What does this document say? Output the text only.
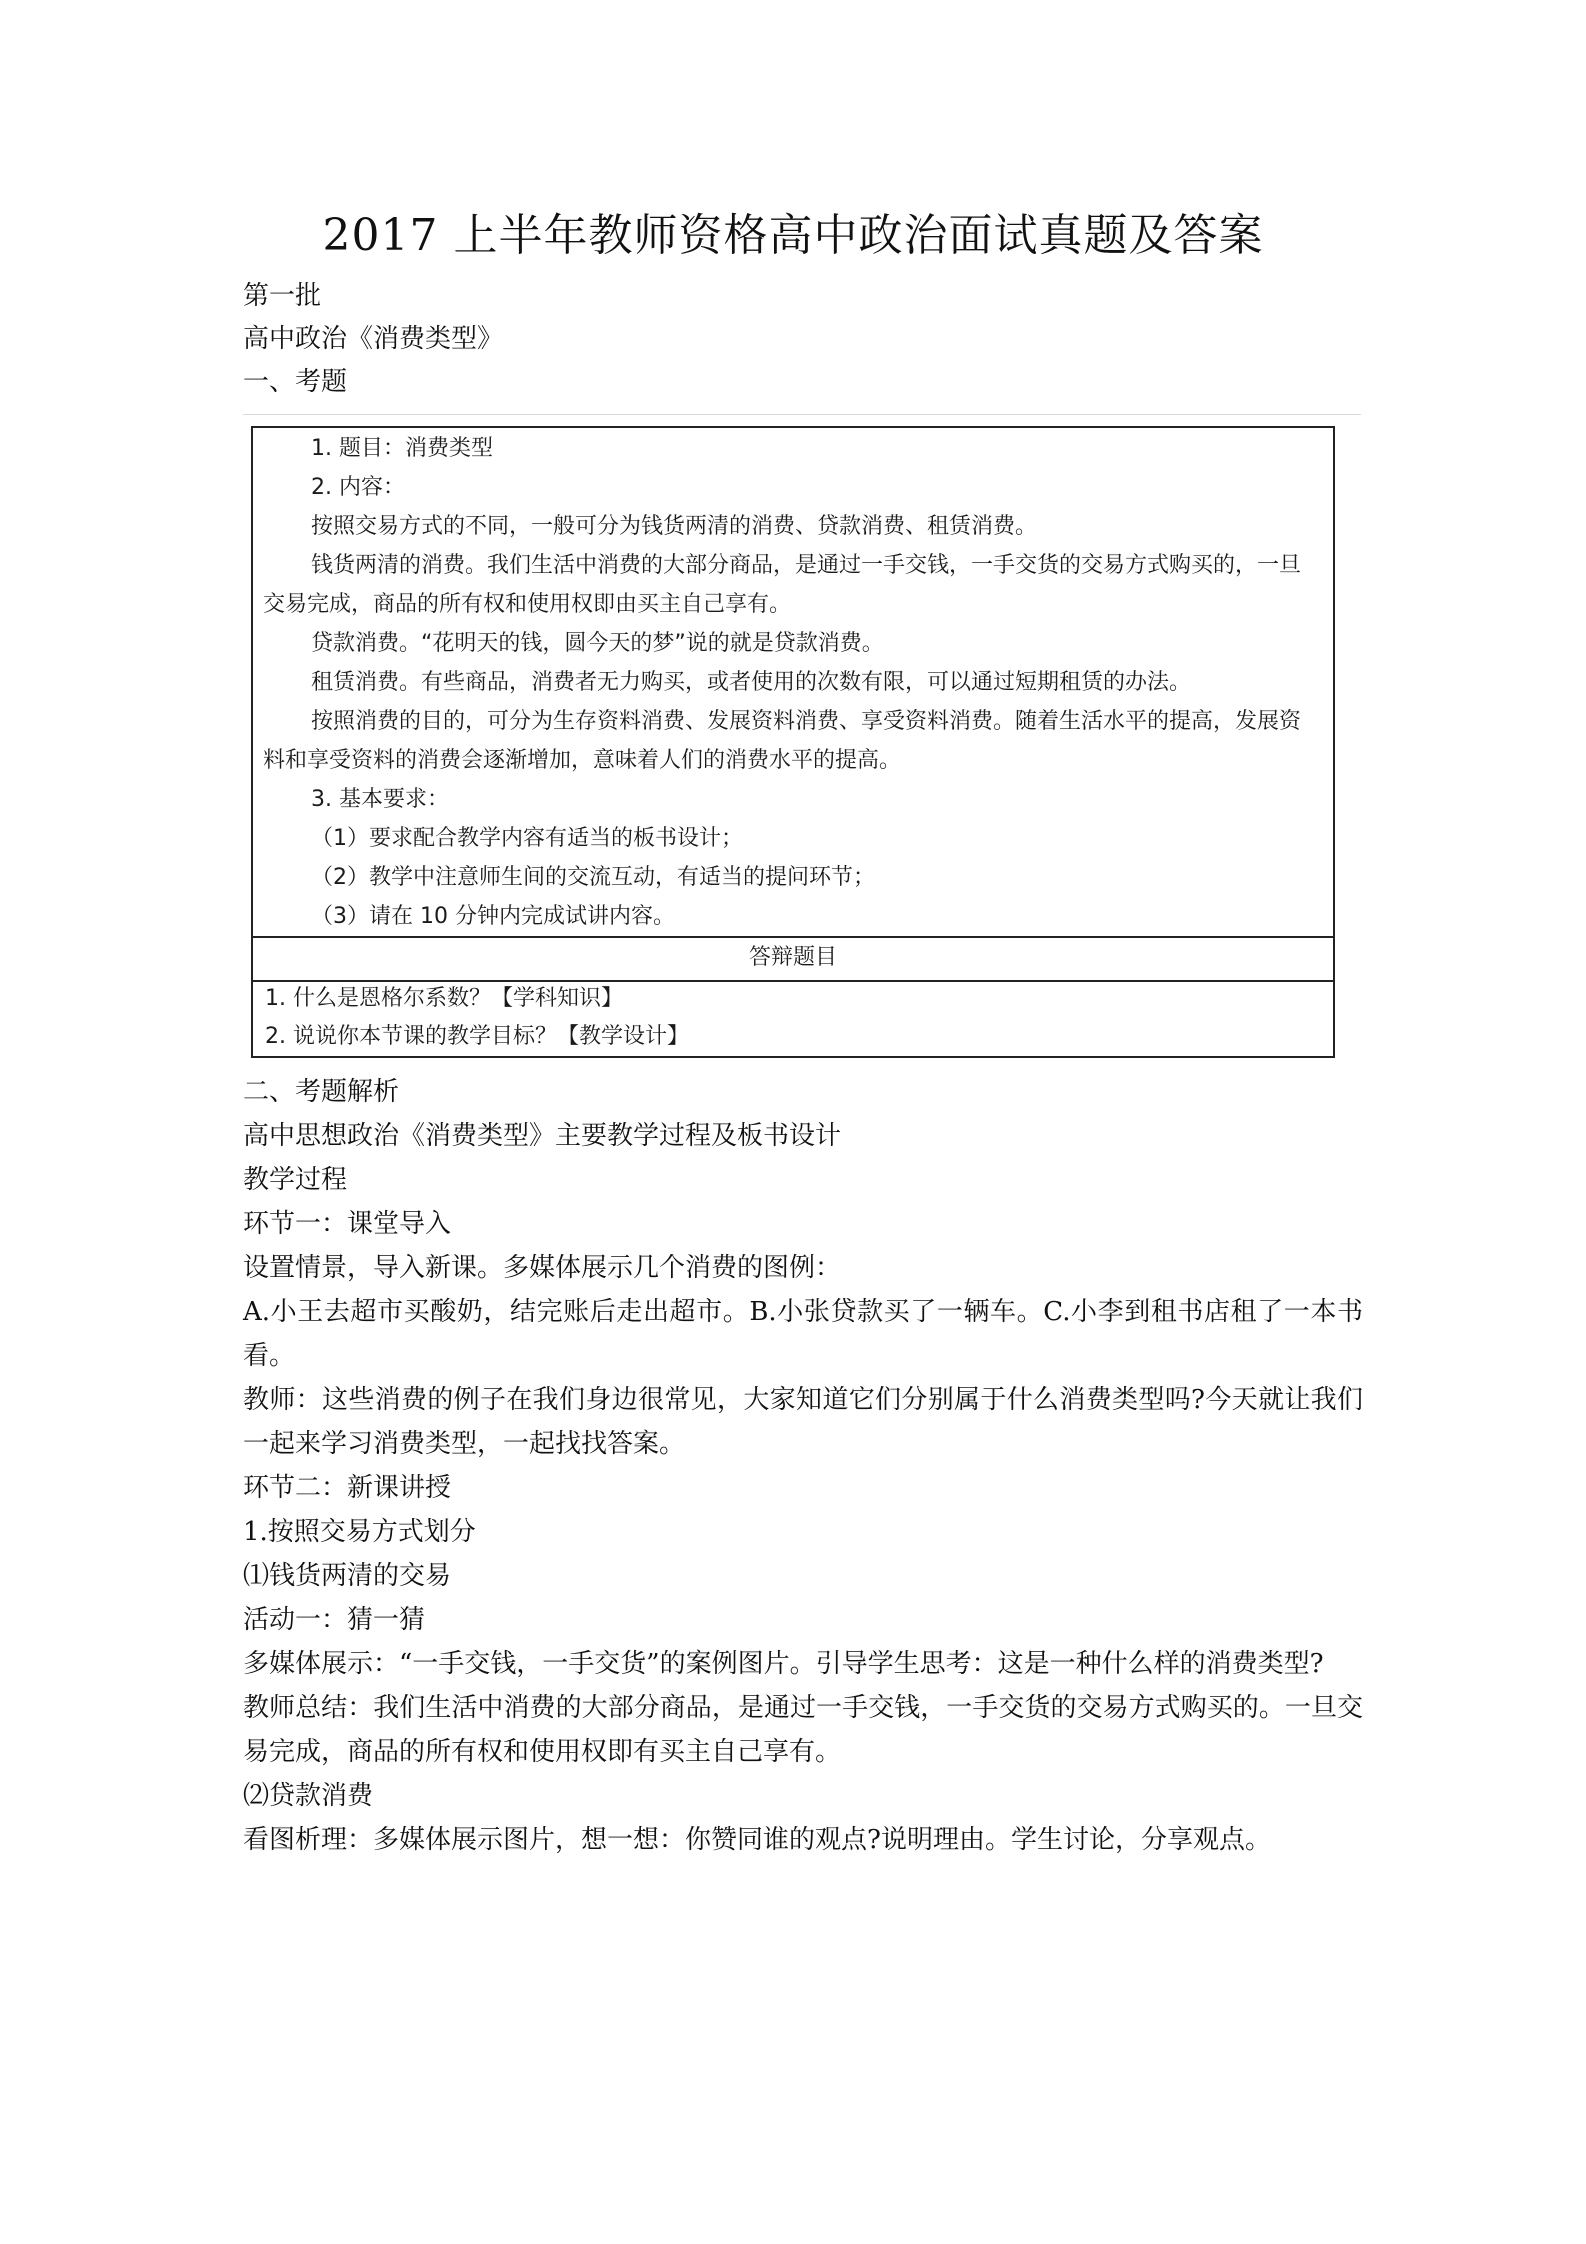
2017 上半年教师资格高中政治面试真题及答案
第一批
高中政治《消费类型》
一、考题
1. 题目：消费类型
2. 内容：
按照交易方式的不同，一般可分为钱货两清的消费、贷款消费、租赁消费。
钱货两清的消费。我们生活中消费的大部分商品，是通过一手交钱，一手交货的交易方式购买的，一旦
交易完成，商品的所有权和使用权即由买主自己享有。
贷款消费。“花明天的钱，圆今天的梦”说的就是贷款消费。
租赁消费。有些商品，消费者无力购买，或者使用的次数有限，可以通过短期租赁的办法。
按照消费的目的，可分为生存资料消费、发展资料消费、享受资料消费。随着生活水平的提高，发展资
料和享受资料的消费会逐渐增加，意味着人们的消费水平的提高。
3. 基本要求：
（1）要求配合教学内容有适当的板书设计；
（2）教学中注意师生间的交流互动，有适当的提问环节；
（3）请在 10 分钟内完成试讲内容。
答辩题目
1. 什么是恩格尔系数？【学科知识】
2. 说说你本节课的教学目标？【教学设计】

二、考题解析

高中思想政治《消费类型》主要教学过程及板书设计

教学过程

环节一：课堂导入

设置情景，导入新课。多媒体展示几个消费的图例：

A.小王去超市买酸奶，结完账后走出超市。B.小张贷款买了一辆车。C.小李到租书店租了一本书看。

教师：这些消费的例子在我们身边很常见，大家知道它们分别属于什么消费类型吗?今天就让我们一起来学习消费类型，一起找找答案。

环节二：新课讲授

1.按照交易方式划分

⑴钱货两清的交易

活动一：猜一猜

多媒体展示：“一手交钱，一手交货”的案例图片。引导学生思考：这是一种什么样的消费类型?

教师总结：我们生活中消费的大部分商品，是通过一手交钱，一手交货的交易方式购买的。一旦交易完成，商品的所有权和使用权即有买主自己享有。

⑵贷款消费

看图析理：多媒体展示图片，想一想：你赞同谁的观点?说明理由。学生讨论，分享观点。
